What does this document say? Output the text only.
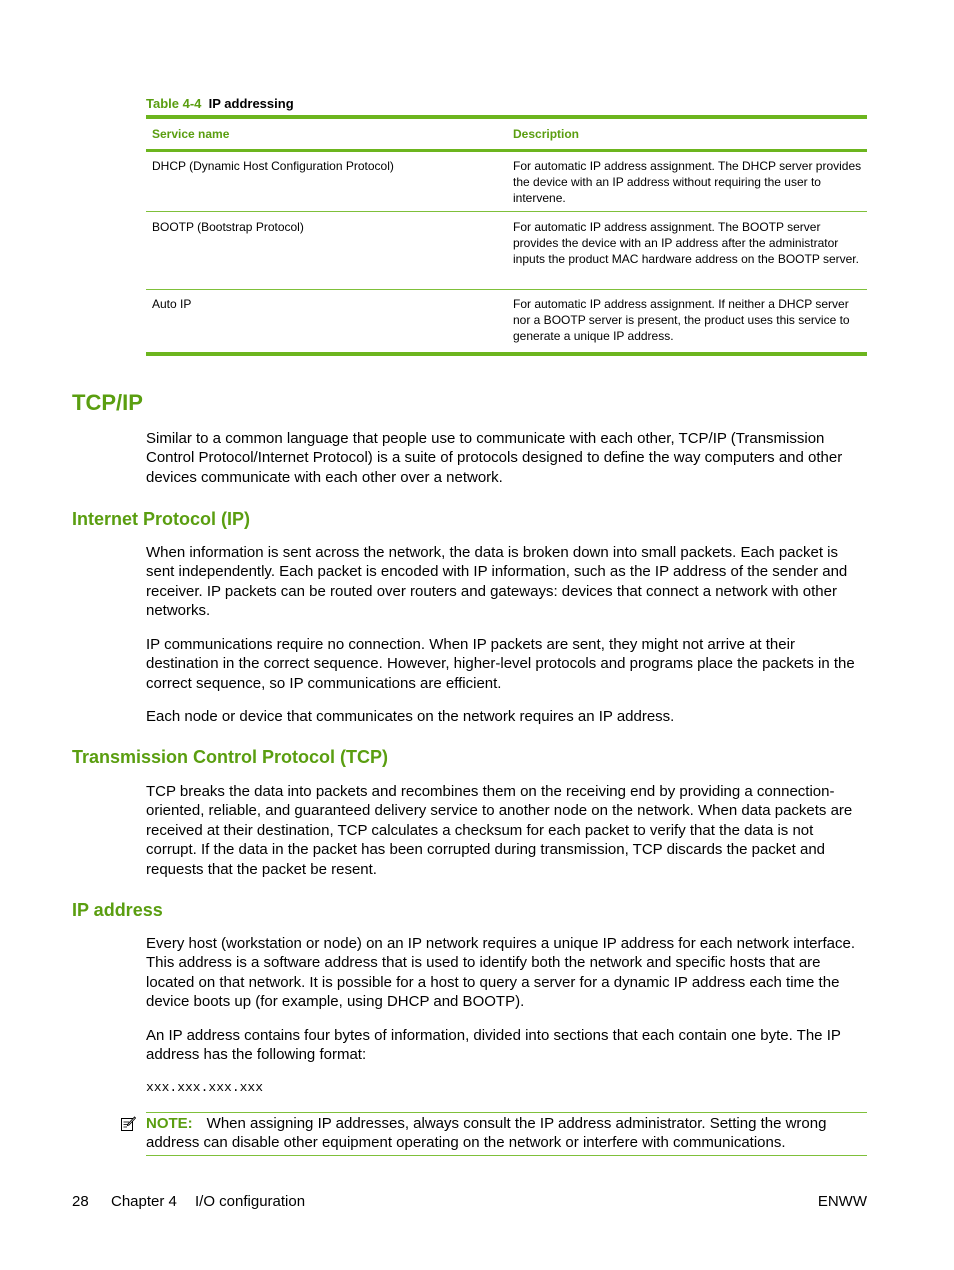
Table 4-4 IP addressing
Service name	Description
DHCP (Dynamic Host Configuration Protocol)	For automatic IP address assignment. The DHCP server provides the device with an IP address without requiring the user to intervene.
BOOTP (Bootstrap Protocol)	For automatic IP address assignment. The BOOTP server provides the device with an IP address after the administrator inputs the product MAC hardware address on the BOOTP server.
Auto IP	For automatic IP address assignment. If neither a DHCP server nor a BOOTP server is present, the product uses this service to generate a unique IP address.
TCP/IP

Similar to a common language that people use to communicate with each other, TCP/IP (Transmission Control Protocol/Internet Protocol) is a suite of protocols designed to define the way computers and other devices communicate with each other over a network.

Internet Protocol (IP)

When information is sent across the network, the data is broken down into small packets. Each packet is sent independently. Each packet is encoded with IP information, such as the IP address of the sender and receiver. IP packets can be routed over routers and gateways: devices that connect a network with other networks.

IP communications require no connection. When IP packets are sent, they might not arrive at their destination in the correct sequence. However, higher-level protocols and programs place the packets in the correct sequence, so IP communications are efficient.

Each node or device that communicates on the network requires an IP address.

Transmission Control Protocol (TCP)

TCP breaks the data into packets and recombines them on the receiving end by providing a connection-oriented, reliable, and guaranteed delivery service to another node on the network. When data packets are received at their destination, TCP calculates a checksum for each packet to verify that the data is not corrupt. If the data in the packet has been corrupted during transmission, TCP discards the packet and requests that the packet be resent.

IP address

Every host (workstation or node) on an IP network requires a unique IP address for each network interface. This address is a software address that is used to identify both the network and specific hosts that are located on that network. It is possible for a host to query a server for a dynamic IP address each time the device boots up (for example, using DHCP and BOOTP).

An IP address contains four bytes of information, divided into sections that each contain one byte. The IP address has the following format:

xxx.xxx.xxx.xxx
NOTE: When assigning IP addresses, always consult the IP address administrator. Setting the wrong address can disable other equipment operating on the network or interfere with communications.
28 Chapter 4 I/O configuration	ENWW
